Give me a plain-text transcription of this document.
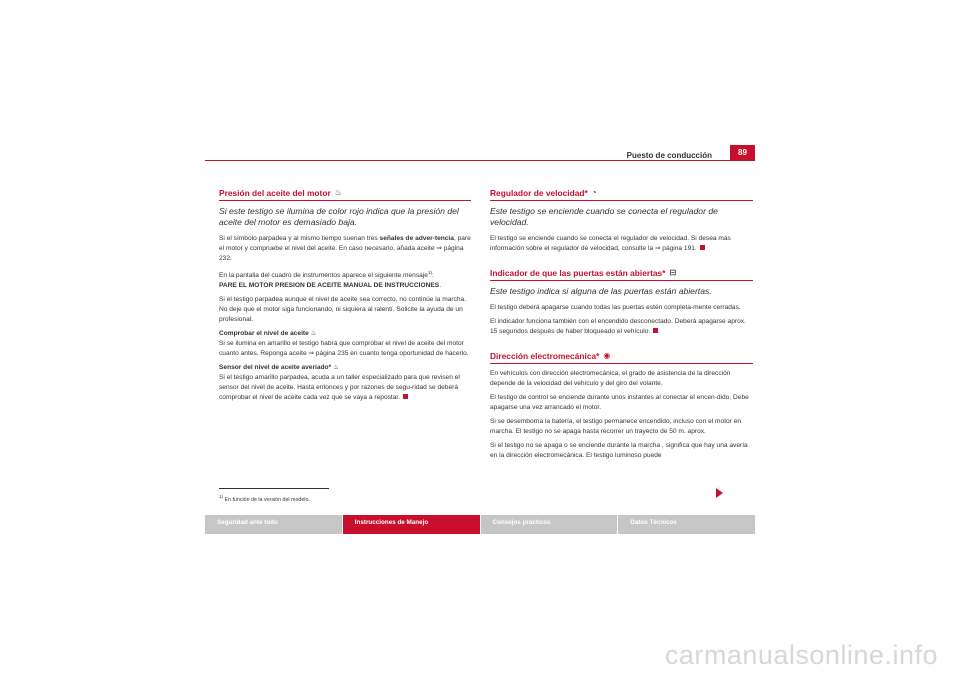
Puesto de conducción	89
Presión del aceite del motor ♨
Si este testigo se ilumina de color rojo indica que la presión del aceite del motor es demasiado baja.

Si el símbolo parpadea y al mismo tiempo suenan tres señales de adver-tencia, pare el motor y compruebe el nivel del aceite. En caso necesario, añada aceite ⇒ página 232.

En la pantalla del cuadro de instrumentos aparece el siguiente mensaje$^{1)}$:
PARE EL MOTOR PRESION DE ACEITE MANUAL DE INSTRUCCIONES.

Si el testigo parpadea aunque el nivel de aceite sea correcto, no continúe la marcha. No deje que el motor siga funcionando, ni siquiera al ralentí. Solicite la ayuda de un profesional.

Comprobar el nivel de aceite ♨
Si se ilumina en amarillo el testigo habrá que comprobar el nivel de aceite del motor cuanto antes. Reponga aceite ⇒ página 235 en cuanto tenga oportunidad de hacerlo.

Sensor del nivel de aceite averiado* ♨
Si el testigo amarillo parpadea, acuda a un taller especializado para que revisen el sensor del nivel de aceite. Hasta entonces y por razones de segu-ridad se deberá comprobar el nivel de aceite cada vez que se vaya a repostar.

$^{1)}$ En función de la versión del modelo.
Regulador de velocidad* ◔
Este testigo se enciende cuando se conecta el regulador de velocidad.

El testigo se enciende cuando se conecta el regulador de velocidad. Si desea más información sobre el regulador de velocidad, consulte la ⇒ página 191.

Indicador de que las puertas están abiertas* ⊟
Este testigo indica si alguna de las puertas están abiertas.

El testigo deberá apagarse cuando todas las puertas estén completa-mente cerradas.

El indicador funciona también con el encendido desconectado. Deberá apagarse aprox. 15 segundos después de haber bloqueado el vehículo.

Dirección electromecánica* ◉

En vehículos con dirección electromecánica, el grado de asistencia de la dirección depende de la velocidad del vehículo y del giro del volante.

El testigo de control se enciende durante unos instantes al conectar el encen-dido. Debe apagarse una vez arrancado el motor.

Si se desemborna la batería, el testigo permanece encendido, incluso con el motor en marcha. El testigo no se apaga hasta recorrer un trayecto de 50 m. aprox.

Si el testigo no se apaga o se enciende durante la marcha , significa que hay una avería en la dirección electromecánica. El testigo luminoso puede

Seguridad ante todo	Instrucciones de Manejo	Consejos prácticos	Datos Técnicos
carmanualsonline.info
